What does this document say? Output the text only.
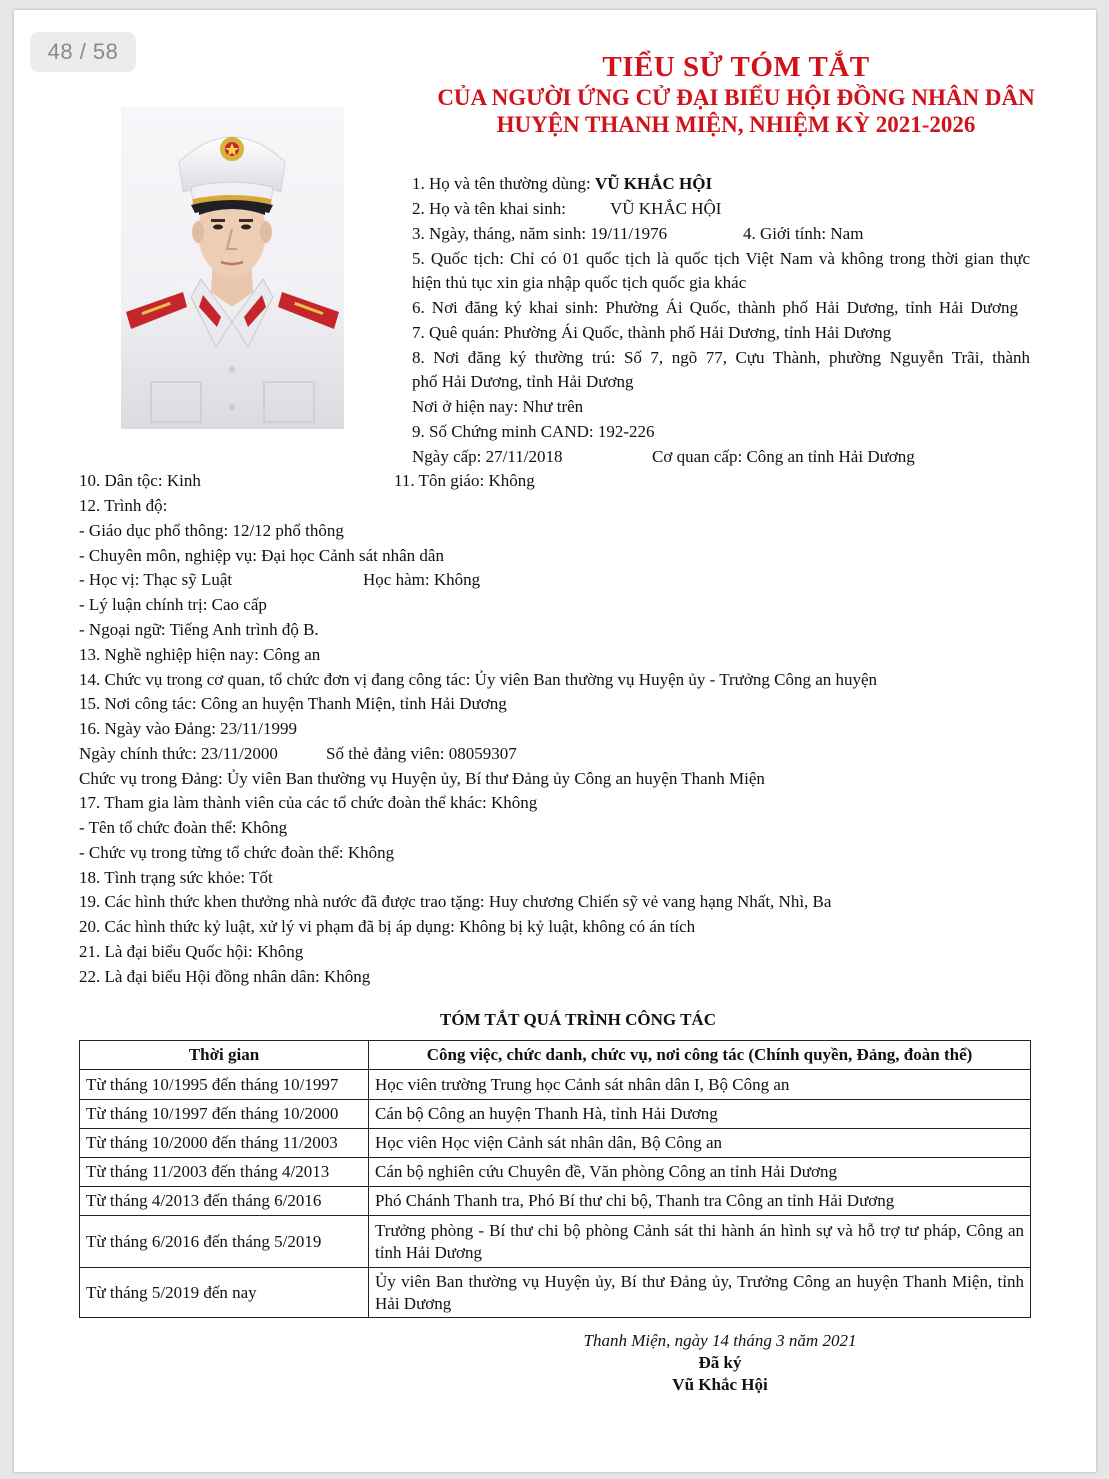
48 / 58	TIỂU SỬ TÓM TẮT
CỦA NGƯỜI ỨNG CỬ ĐẠI BIỂU HỘI ĐỒNG NHÂN DÂN
HUYỆN THANH MIỆN, NHIỆM KỲ 2021-2026
1. Họ và tên thường dùng: VŨ KHẮC HỘI
2. Họ và tên khai sinh:	VŨ KHẮC HỘI
3. Ngày, tháng, năm sinh: 19/11/1976	4. Giới tính: Nam
5. Quốc tịch: Chỉ có 01 quốc tịch là quốc tịch Việt Nam và không trong thời gian thực
hiện thủ tục xin gia nhập quốc tịch quốc gia khác
6. Nơi đăng ký khai sinh: Phường Ái Quốc, thành phố Hải Dương, tỉnh Hải Dương
7. Quê quán: Phường Ái Quốc, thành phố Hải Dương, tỉnh Hải Dương
8. Nơi đăng ký thường trú: Số 7, ngõ 77, Cựu Thành, phường Nguyễn Trãi, thành
phố Hải Dương, tỉnh Hải Dương
Nơi ở hiện nay: Như trên
9. Số Chứng minh CAND: 192-226
Ngày cấp: 27/11/2018	Cơ quan cấp: Công an tỉnh Hải Dương
10. Dân tộc: Kinh	11. Tôn giáo: Không
12. Trình độ:
- Giáo dục phổ thông: 12/12 phổ thông
- Chuyên môn, nghiệp vụ: Đại học Cảnh sát nhân dân
- Học vị: Thạc sỹ Luật	Học hàm: Không
- Lý luận chính trị: Cao cấp
- Ngoại ngữ: Tiếng Anh trình độ B.
13. Nghề nghiệp hiện nay: Công an
14. Chức vụ trong cơ quan, tổ chức đơn vị đang công tác: Ủy viên Ban thường vụ Huyện ủy - Trưởng Công an huyện
15. Nơi công tác: Công an huyện Thanh Miện, tỉnh Hải Dương
16. Ngày vào Đảng: 23/11/1999
Ngày chính thức: 23/11/2000	Số thẻ đảng viên: 08059307
Chức vụ trong Đảng: Ủy viên Ban thường vụ Huyện ủy, Bí thư Đảng ủy Công an huyện Thanh Miện
17. Tham gia làm thành viên của các tổ chức đoàn thể khác: Không
- Tên tổ chức đoàn thể: Không
- Chức vụ trong từng tổ chức đoàn thể: Không
18. Tình trạng sức khỏe: Tốt
19. Các hình thức khen thưởng nhà nước đã được trao tặng: Huy chương Chiến sỹ vẻ vang hạng Nhất, Nhì, Ba
20. Các hình thức kỷ luật, xử lý vi phạm đã bị áp dụng: Không bị kỷ luật, không có án tích
21. Là đại biểu Quốc hội: Không
22. Là đại biểu Hội đồng nhân dân: Không
TÓM TẮT QUÁ TRÌNH CÔNG TÁC
Thời gian	Công việc, chức danh, chức vụ, nơi công tác (Chính quyền, Đảng, đoàn thể)
Từ tháng 10/1995 đến tháng 10/1997	Học viên trường Trung học Cảnh sát nhân dân I, Bộ Công an
Từ tháng 10/1997 đến tháng 10/2000	Cán bộ Công an huyện Thanh Hà, tỉnh Hải Dương
Từ tháng 10/2000 đến tháng 11/2003	Học viên Học viện Cảnh sát nhân dân, Bộ Công an
Từ tháng 11/2003 đến tháng 4/2013	Cán bộ nghiên cứu Chuyên đề, Văn phòng Công an tỉnh Hải Dương
Từ tháng 4/2013 đến tháng 6/2016	Phó Chánh Thanh tra, Phó Bí thư chi bộ, Thanh tra Công an tỉnh Hải Dương
Từ tháng 6/2016 đến tháng 5/2019	Trưởng phòng - Bí thư chi bộ phòng Cảnh sát thi hành án hình sự và hỗ trợ tư pháp, Công an tỉnh Hải Dương
Từ tháng 5/2019 đến nay	Ủy viên Ban thường vụ Huyện ủy, Bí thư Đảng ủy, Trưởng Công an huyện Thanh Miện, tỉnh Hải Dương
Thanh Miện, ngày 14 tháng 3 năm 2021
Đã ký
Vũ Khắc Hội
